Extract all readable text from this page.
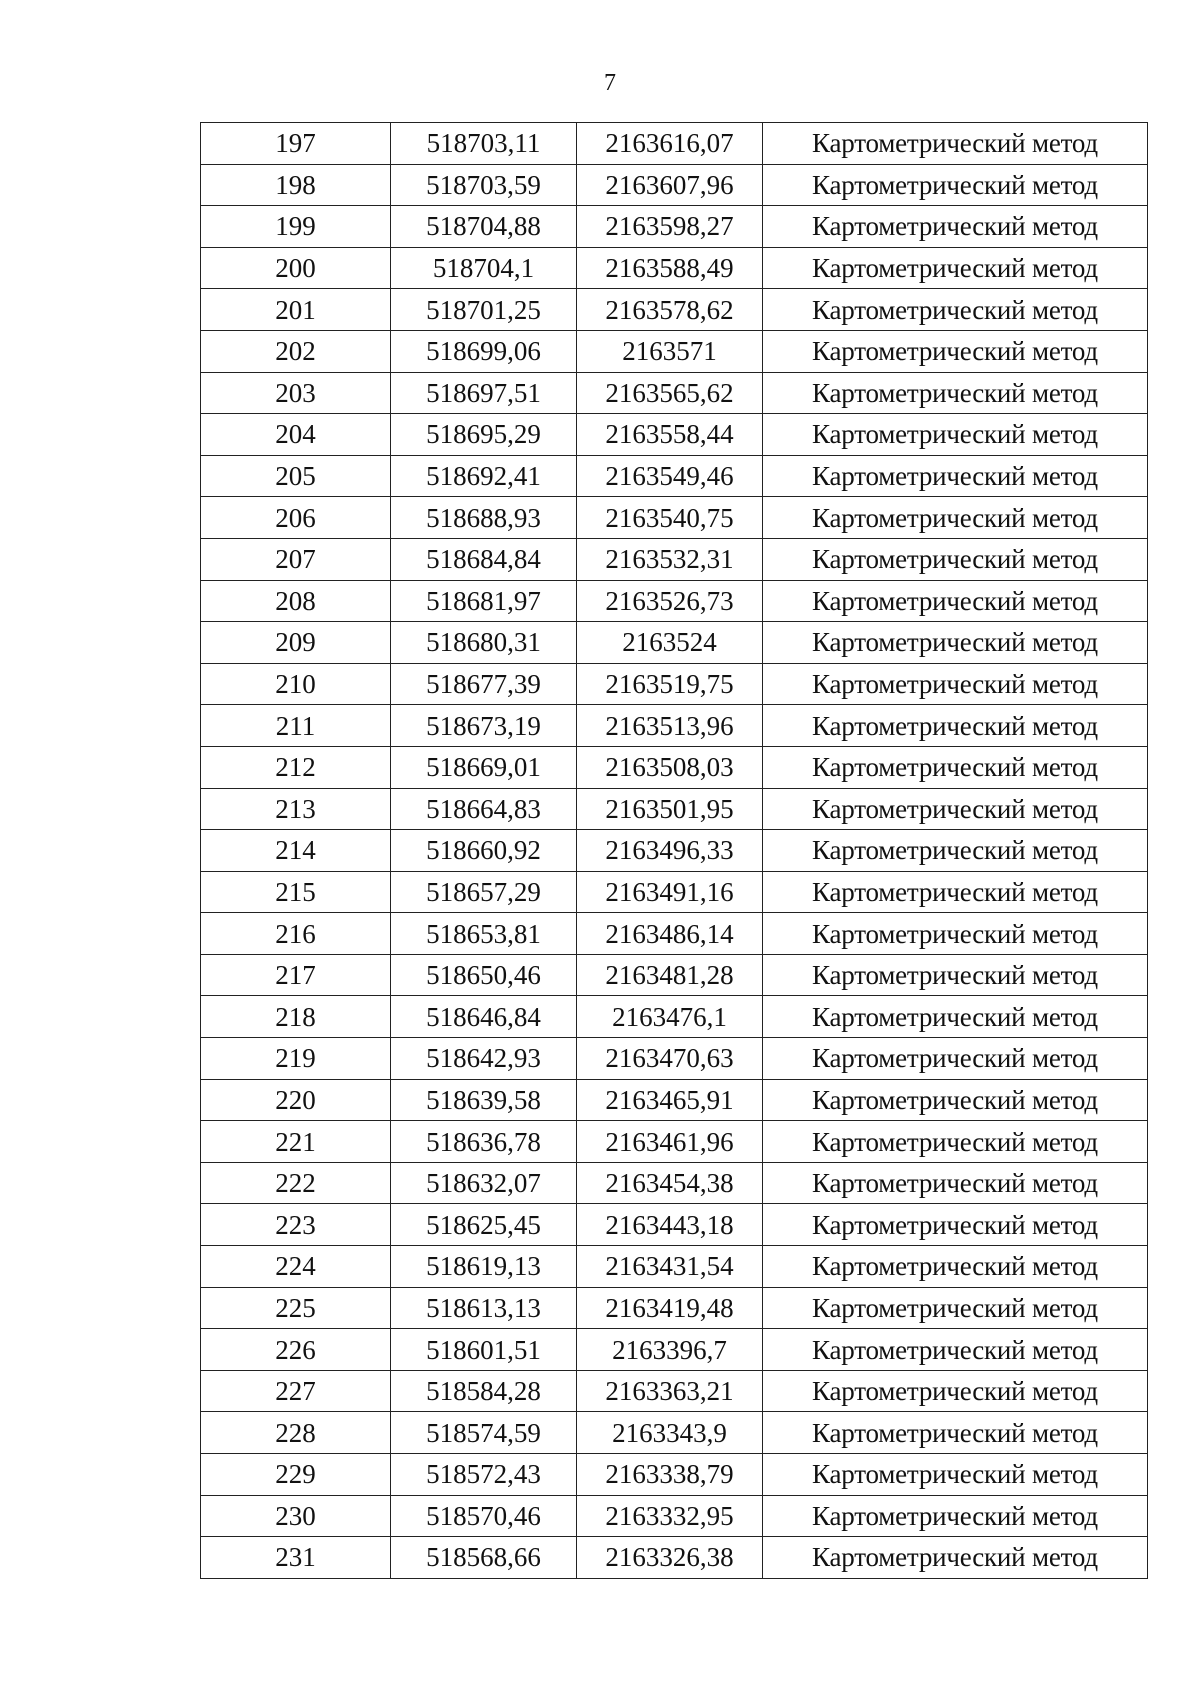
7
197	518703,11	2163616,07	Картометрический метод
198	518703,59	2163607,96	Картометрический метод
199	518704,88	2163598,27	Картометрический метод
200	518704,1	2163588,49	Картометрический метод
201	518701,25	2163578,62	Картометрический метод
202	518699,06	2163571	Картометрический метод
203	518697,51	2163565,62	Картометрический метод
204	518695,29	2163558,44	Картометрический метод
205	518692,41	2163549,46	Картометрический метод
206	518688,93	2163540,75	Картометрический метод
207	518684,84	2163532,31	Картометрический метод
208	518681,97	2163526,73	Картометрический метод
209	518680,31	2163524	Картометрический метод
210	518677,39	2163519,75	Картометрический метод
211	518673,19	2163513,96	Картометрический метод
212	518669,01	2163508,03	Картометрический метод
213	518664,83	2163501,95	Картометрический метод
214	518660,92	2163496,33	Картометрический метод
215	518657,29	2163491,16	Картометрический метод
216	518653,81	2163486,14	Картометрический метод
217	518650,46	2163481,28	Картометрический метод
218	518646,84	2163476,1	Картометрический метод
219	518642,93	2163470,63	Картометрический метод
220	518639,58	2163465,91	Картометрический метод
221	518636,78	2163461,96	Картометрический метод
222	518632,07	2163454,38	Картометрический метод
223	518625,45	2163443,18	Картометрический метод
224	518619,13	2163431,54	Картометрический метод
225	518613,13	2163419,48	Картометрический метод
226	518601,51	2163396,7	Картометрический метод
227	518584,28	2163363,21	Картометрический метод
228	518574,59	2163343,9	Картометрический метод
229	518572,43	2163338,79	Картометрический метод
230	518570,46	2163332,95	Картометрический метод
231	518568,66	2163326,38	Картометрический метод
